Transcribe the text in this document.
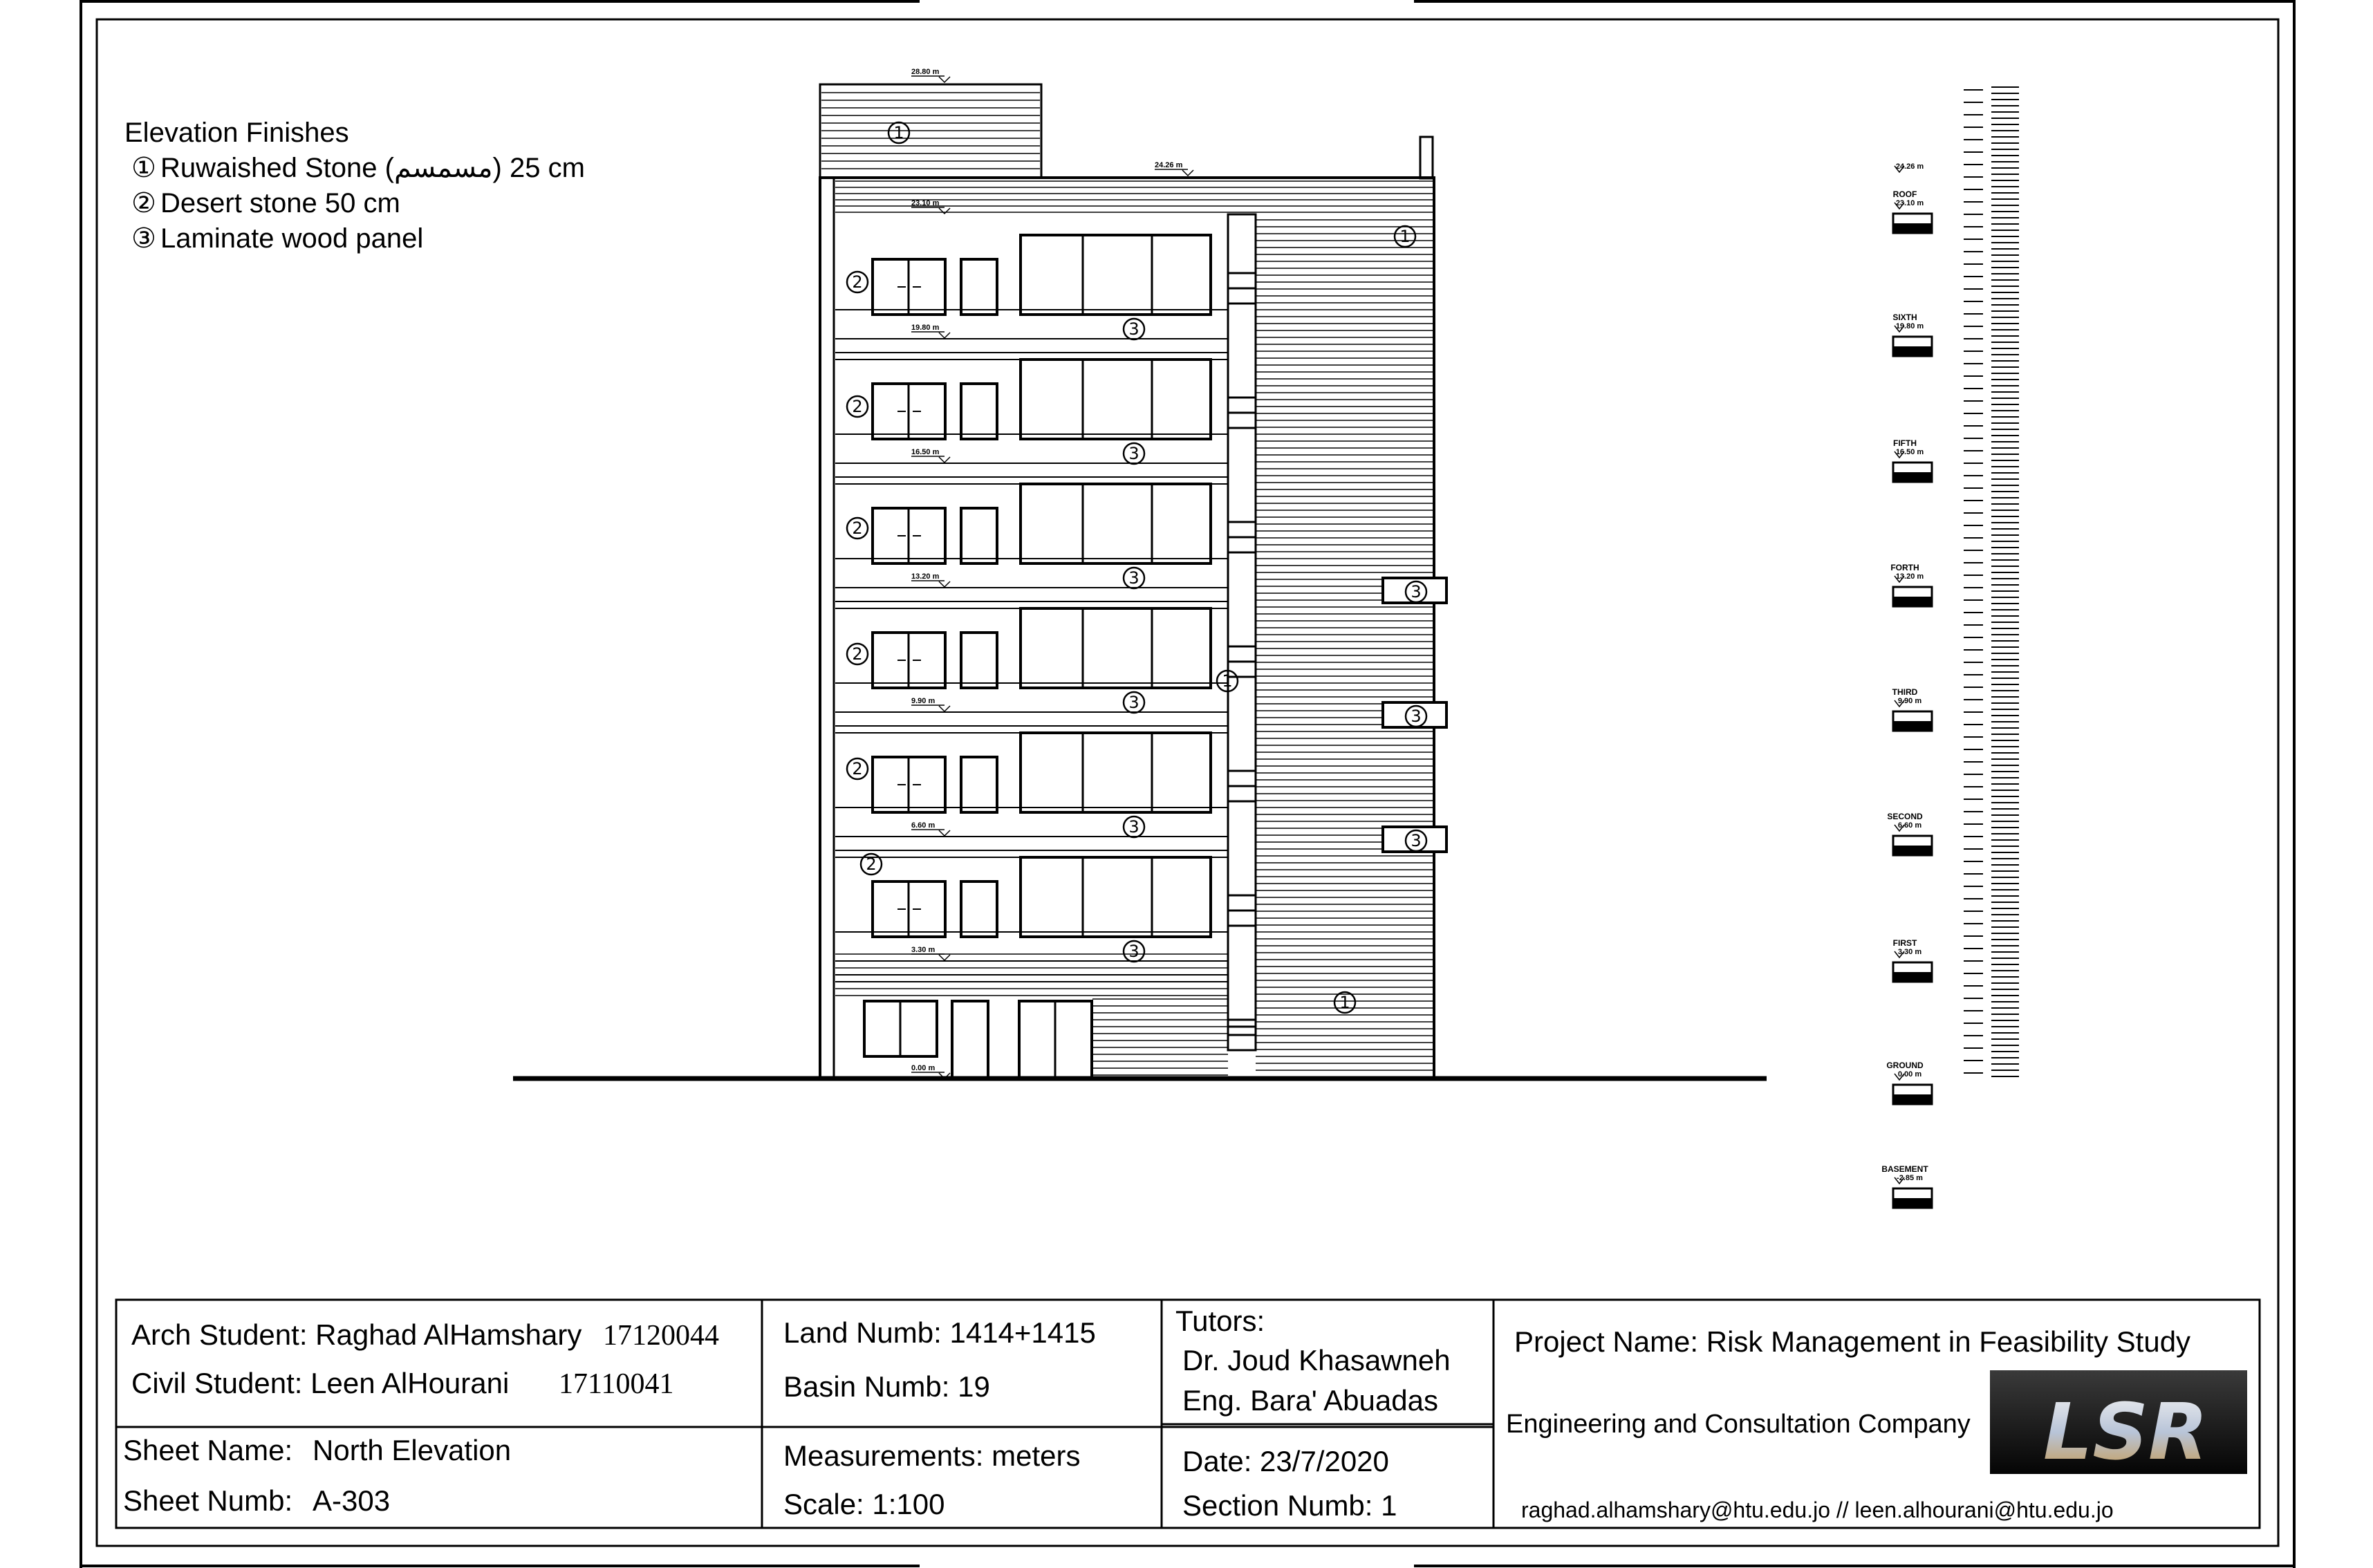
Elevation Finishes
① Ruwaished Stone (مسمسم) 25 cm
② Desert stone 50 cm
③ Laminate wood panel
1
1
1
1
2
2
2
2
2
2
3
3
3
3
3
3
3
3
3
28.80 m
24.26 m
23.10 m
19.80 m
16.50 m
13.20 m
9.90 m
6.60 m
3.30 m
0.00 m
24.26 m
ROOF
23.10 m
SIXTH
19.80 m
FIFTH
16.50 m
FORTH
13.20 m
THIRD
9.90 m
SECOND
6.60 m
FIRST
3.30 m
GROUND
0.00 m
BASEMENT
-2.85 m
Arch Student: Raghad AlHamshary 17120044
Civil Student: Leen AlHourani 17110041
Land Numb: 1414+1415
Basin Numb: 19
Tutors:
Dr. Joud Khasawneh
Eng. Bara' Abuadas
Project Name: Risk Management in Feasibility Study
Engineering and Consultation Company
Sheet Name: North Elevation
Sheet Numb: A-303
Measurements: meters
Scale: 1:100
Date: 23/7/2020
Section Numb: 1	raghad.alhamshary@htu.edu.jo // leen.alhourani@htu.edu.jo
LSR
